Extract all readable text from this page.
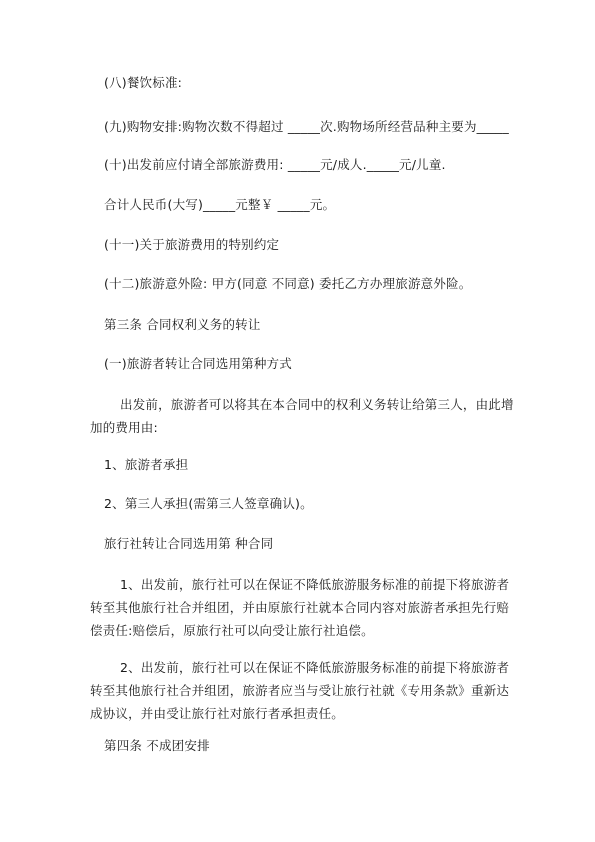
(八)餐饮标准:
(九)购物安排:购物次数不得超过 _____次.购物场所经营品种主要为_____
(十)出发前应付请全部旅游费用: _____元/成人._____元/儿童.
合计人民币(大写)_____元整￥ _____元。
(十一)关于旅游费用的特别约定
(十二)旅游意外险: 甲方(同意 不同意) 委托乙方办理旅游意外险。
第三条 合同权利义务的转让
(一)旅游者转让合同选用第种方式
出发前，旅游者可以将其在本合同中的权利义务转让给第三人，由此增加的费用由:
1、旅游者承担
2、第三人承担(需第三人签章确认)。
旅行社转让合同选用第 种合同
1、出发前，旅行社可以在保证不降低旅游服务标准的前提下将旅游者转至其他旅行社合并组团，并由原旅行社就本合同内容对旅游者承担先行赔偿责任:赔偿后，原旅行社可以向受让旅行社追偿。
2、出发前，旅行社可以在保证不降低旅游服务标准的前提下将旅游者转至其他旅行社合并组团，旅游者应当与受让旅行社就《专用条款》重新达成协议，并由受让旅行社对旅行者承担责任。
第四条 不成团安排
